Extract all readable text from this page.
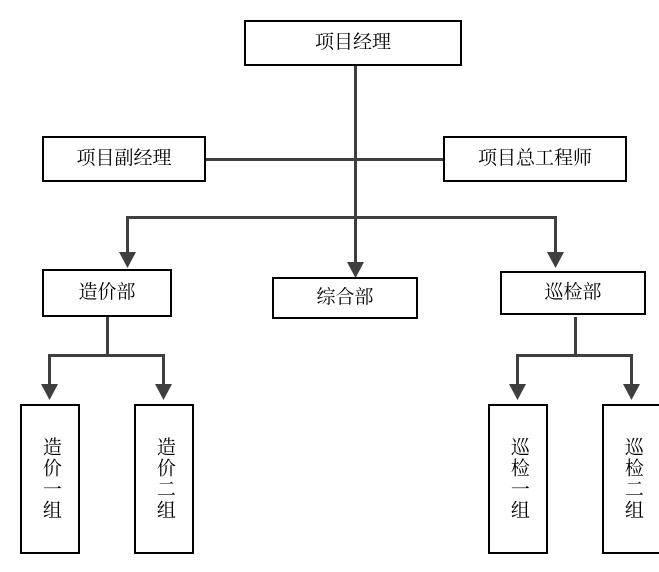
项目经理
项目副经理	项目总工程师
造价部	综合部	巡检部
造价一组	造价二组	巡检一组	巡检二组
